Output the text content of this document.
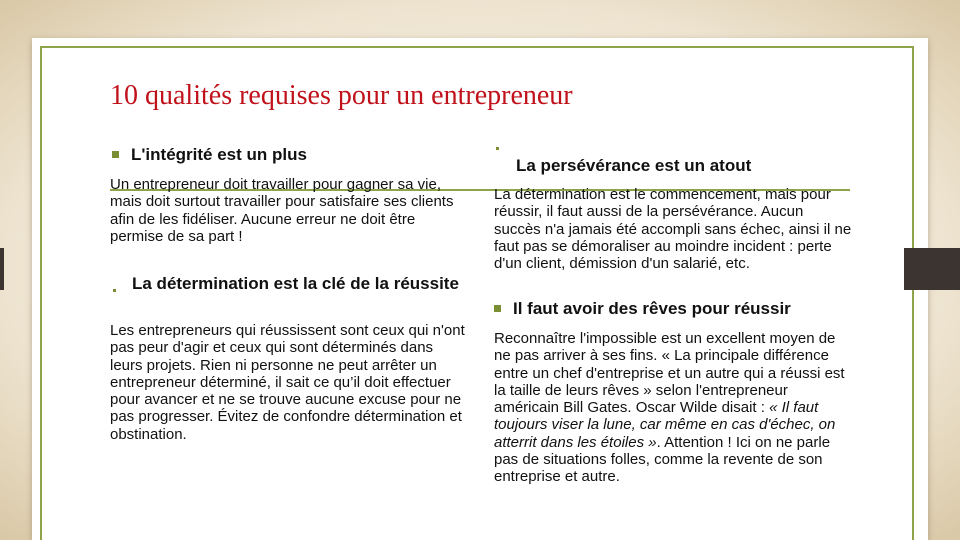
10 qualités requises pour un entrepreneur
L'intégrité est un plus
Un entrepreneur doit travailler pour gagner sa vie, mais doit surtout travailler pour satisfaire ses clients afin de les fidéliser. Aucune erreur ne doit être permise de sa part !
La détermination est la clé de la réussite
Les entrepreneurs qui réussissent sont ceux qui n'ont pas peur d'agir et ceux qui sont déterminés dans leurs projets. Rien ni personne ne peut arrêter un entrepreneur déterminé, il sait ce qu’il doit effectuer pour avancer et ne se trouve aucune excuse pour ne pas progresser. Évitez de confondre détermination et obstination.
La persévérance est un atout
La détermination est le commencement, mais pour réussir, il faut aussi de la persévérance. Aucun succès n'a jamais été accompli sans échec, ainsi il ne faut pas se démoraliser au moindre incident : perte d'un client, démission d'un salarié, etc.
Il faut avoir des rêves pour réussir
Reconnaître l'impossible est un excellent moyen de ne pas arriver à ses fins. « La principale différence entre un chef d'entreprise et un autre qui a réussi est la taille de leurs rêves » selon l'entrepreneur américain Bill Gates. Oscar Wilde disait : « Il faut toujours viser la lune, car même en cas d'échec, on atterrit dans les étoiles ». Attention ! Ici on ne parle pas de situations folles, comme la revente de son entreprise et autre.
